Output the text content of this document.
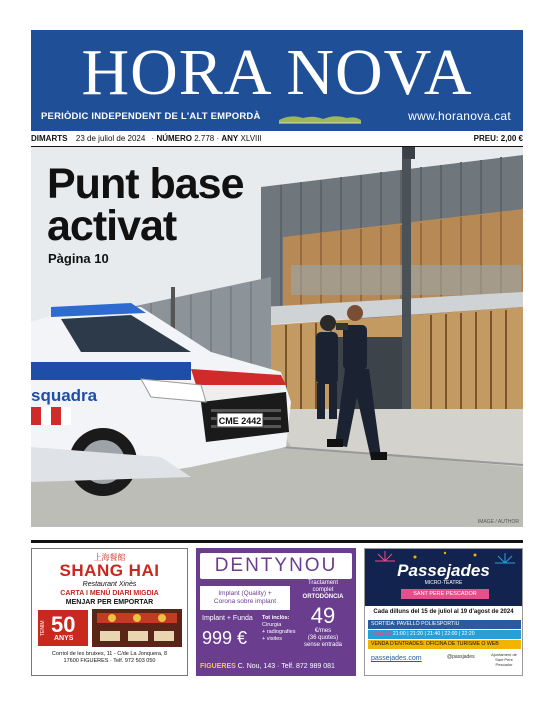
HORA NOVA
PERIÒDIC INDEPENDENT DE L'ALT EMPORDÀ	www.horanova.cat
DIMARTS 23 de juliol de 2024 · NÚMERO 2.778 · ANY XLVIII	PREU: 2,00 €
CME 2442
squadra
Punt base
activat
Pàgina 10
IMAGE / AUTHOR
上海餐館
SHANG HAI
Restaurant Xinès
CARTA I MENÚ DIARI MIGDIA
MENJAR PER EMPORTAR
TENIM 50
ANYS
Corriol de les bruixes, 11 - C/de La Jonquera, 8
17600 FIGUERES · Telf. 972 503 050
DENTYNOU
Implant (Quality) +
Corona sobre implant
Tractament
complet
ORTODÒNCIA
49
€/mes
(36 quotes)
sense entrada
Implant + Funda
999 €
Tot inclòs:
Cirurgia
+ radiografies
+ visites
FIGUERES C. Nou, 143 · Telf. 872 989 081
Passejades
MICRO-TEATRE
SANT PERE PESCADOR
Cada dilluns del 15 de juliol al 19 d'agost de 2024
SORTIDA: PAVELLÓ POLIESPORTIU
PASSIS: 21:00 | 21:20 | 21:40 | 22:00 | 22:20
VENDA D'ENTRADES: OFICINA DE TURISME O WEB
passejades.com	@passjades	Ajuntament de Sant Pere Pescador
